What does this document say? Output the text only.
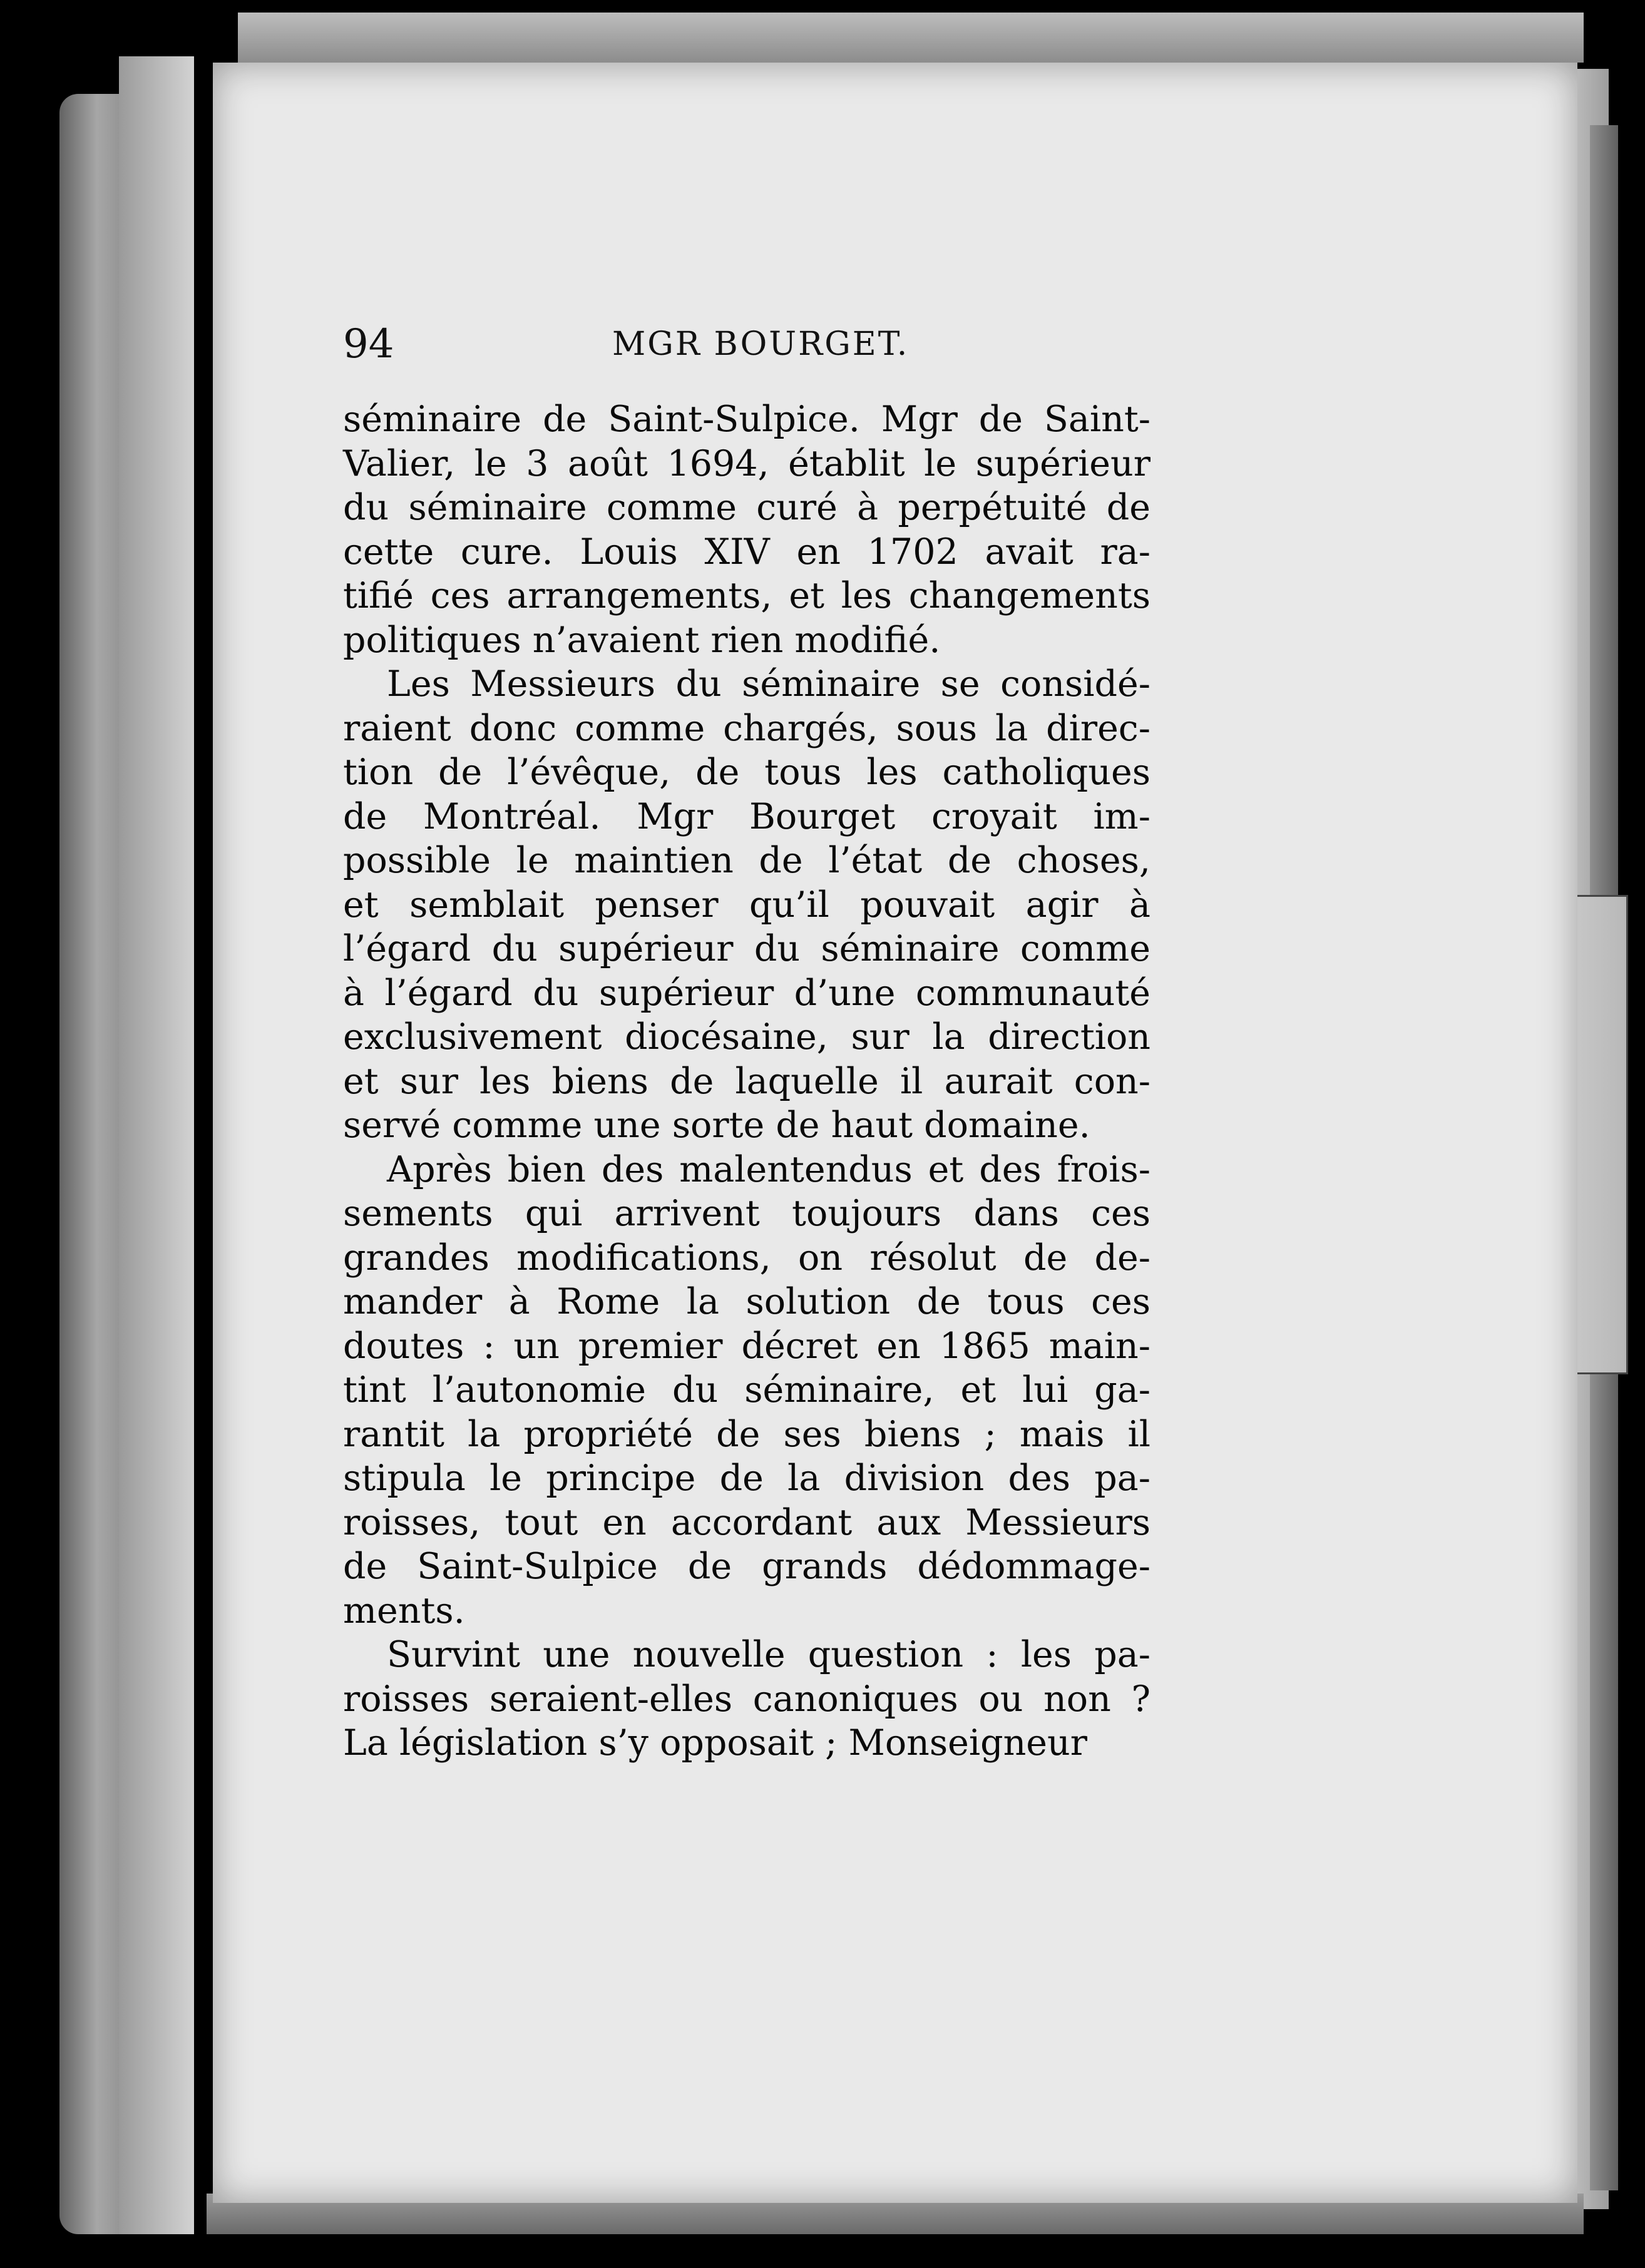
94	MGR BOURGET.
séminaire de Saint-Sulpice. Mgr de Saint-
Valier, le 3 août 1694, établit le supérieur
du séminaire comme curé à perpétuité de
cette cure. Louis XIV en 1702 avait ra-
tifié ces arrangements, et les changements
politiques n’avaient rien modifié.
Les Messieurs du séminaire se considé-
raient donc comme chargés, sous la direc-
tion de l’évêque, de tous les catholiques
de Montréal. Mgr Bourget croyait im-
possible le maintien de l’état de choses,
et semblait penser qu’il pouvait agir à
l’égard du supérieur du séminaire comme
à l’égard du supérieur d’une communauté
exclusivement diocésaine, sur la direction
et sur les biens de laquelle il aurait con-
servé comme une sorte de haut domaine.
Après bien des malentendus et des frois-
sements qui arrivent toujours dans ces
grandes modifications, on résolut de de-
mander à Rome la solution de tous ces
doutes : un premier décret en 1865 main-
tint l’autonomie du séminaire, et lui ga-
rantit la propriété de ses biens ; mais il
stipula le principe de la division des pa-
roisses, tout en accordant aux Messieurs
de Saint-Sulpice de grands dédommage-
ments.
Survint une nouvelle question : les pa-
roisses seraient-elles canoniques ou non ?
La législation s’y opposait ; Monseigneur
